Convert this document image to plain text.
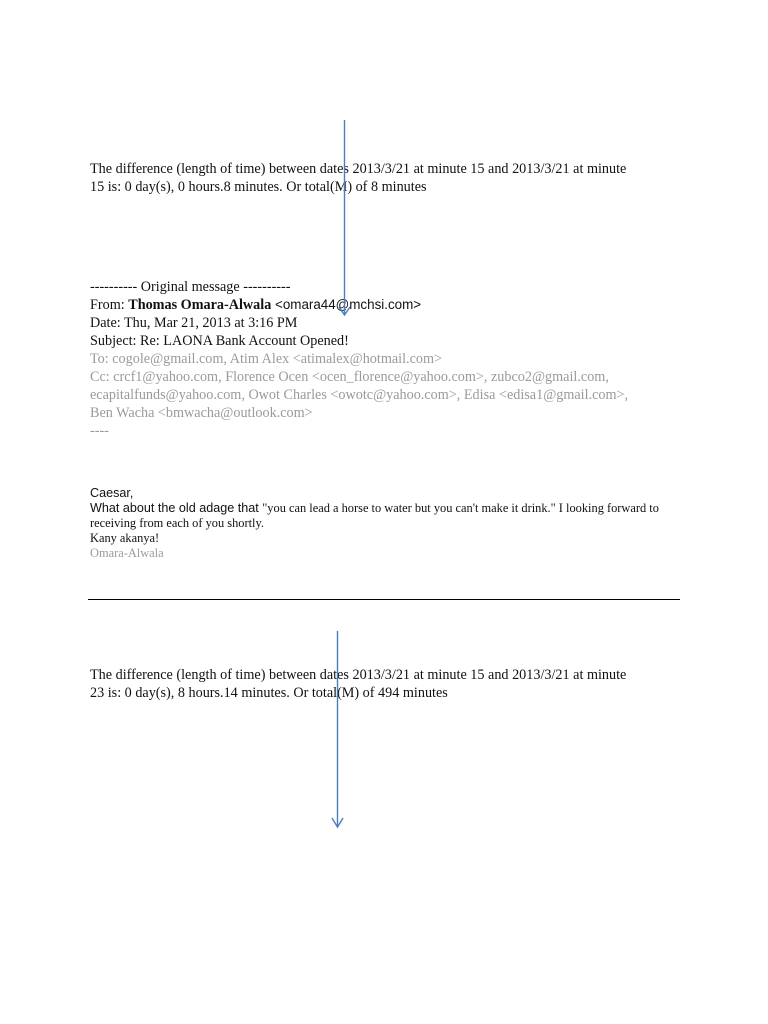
The difference (length of time) between dates 2013/3/21 at minute 15 and 2013/3/21 at minute
15 is: 0 day(s), 0 hours.8 minutes. Or total(M) of 8 minutes
---------- Original message ----------
From: Thomas Omara-Alwala <omara44@mchsi.com>
Date: Thu, Mar 21, 2013 at 3:16 PM
Subject: Re: LAONA Bank Account Opened!
To: cogole@gmail.com, Atim Alex <atimalex@hotmail.com>
Cc: crcf1@yahoo.com, Florence Ocen <ocen_florence@yahoo.com>, zubco2@gmail.com,
ecapitalfunds@yahoo.com, Owot Charles <owotc@yahoo.com>, Edisa <edisa1@gmail.com>,
Ben Wacha <bmwacha@outlook.com>
----
Caesar,
What about the old adage that "you can lead a horse to water but you can't make it drink." I looking forward to
receiving from each of you shortly.
Kany akanya!
Omara-Alwala
The difference (length of time) between dates 2013/3/21 at minute 15 and 2013/3/21 at minute
23 is: 0 day(s), 8 hours.14 minutes. Or total(M) of 494 minutes
